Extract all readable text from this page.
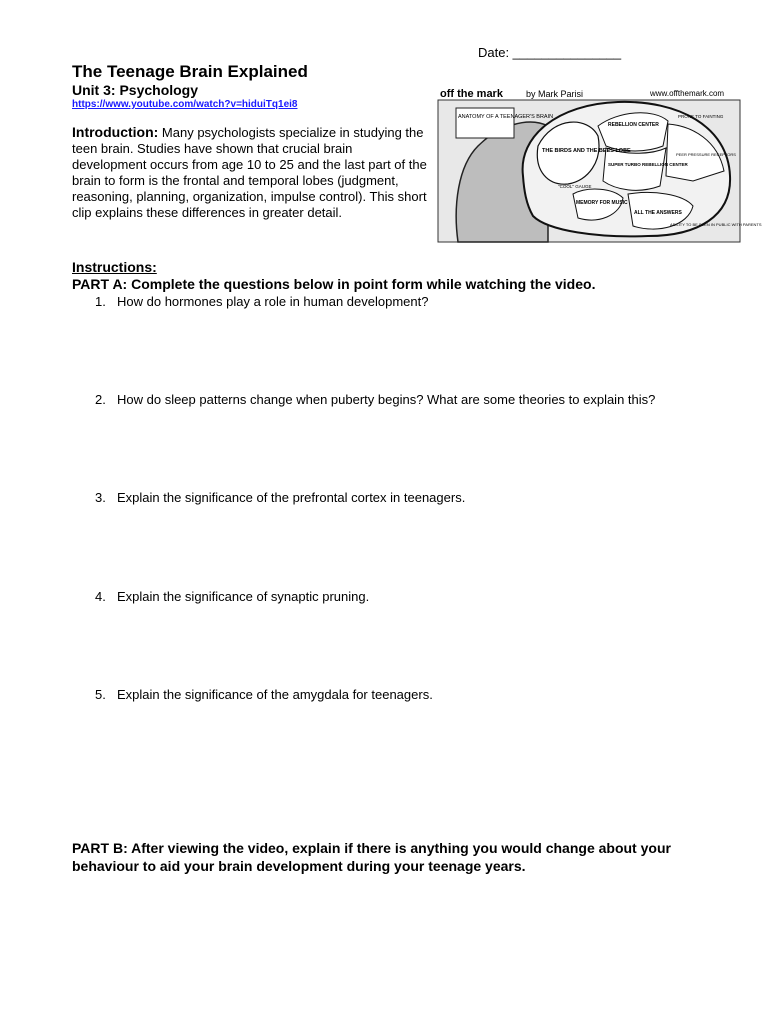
Date: _______________
The Teenage Brain Explained
Unit 3: Psychology
https://www.youtube.com/watch?v=hiduiTq1ei8
Introduction: Many psychologists specialize in studying the teen brain. Studies have shown that crucial brain development occurs from age 10 to 25 and the last part of the brain to form is the frontal and temporal lobes (judgment, reasoning, planning, organization, impulse control). This short clip explains these differences in greater detail.
off the mark	by Mark Parisi	www.offthemark.com
ANATOMY OF A TEENAGER'S BRAIN
THE BIRDS AND THE BEES LOBE
REBELLION CENTER
SUPER TURBO REBELLION CENTER
PRONE TO FAINTING
MEMORY FOR MUSIC
ALL THE ANSWERS
"COOL" GAUGE
PEER PRESSURE RECEPTORS
ABILITY TO BE SEEN IN PUBLIC WITH PARENTS
Instructions:
PART A: Complete the questions below in point form while watching the video.
1. How do hormones play a role in human development?
2. How do sleep patterns change when puberty begins? What are some theories to explain this?
3. Explain the significance of the prefrontal cortex in teenagers.
4. Explain the significance of synaptic pruning.
5. Explain the significance of the amygdala for teenagers.
PART B: After viewing the video, explain if there is anything you would change about your behaviour to aid your brain development during your teenage years.
